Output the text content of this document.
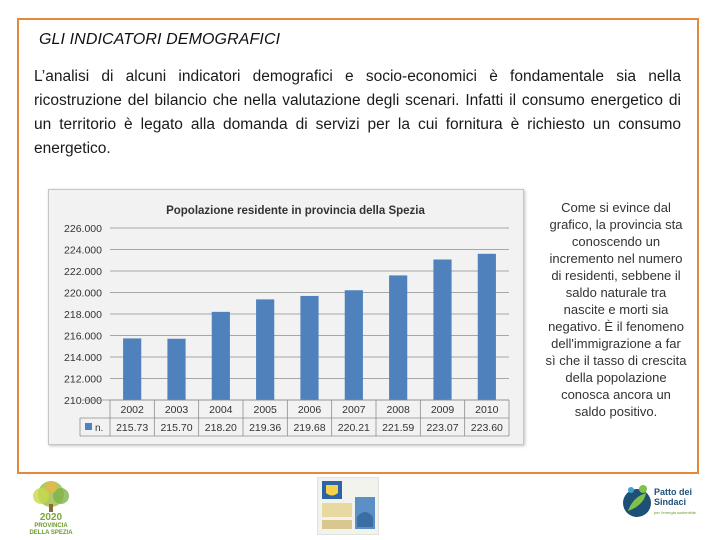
GLI INDICATORI DEMOGRAFICI
L’analisi di alcuni indicatori demografici e socio-economici è fondamentale sia nella ricostruzione del bilancio che nella valutazione degli scenari. Infatti il consumo energetico di un territorio è legato alla domanda di servizi per la cui fornitura è richiesto un consumo energetico.
Popolazione residente in provincia della Spezia
210.000
212.000
214.000
216.000
218.000
220.000
222.000
224.000
226.000
2002
215.73
2003
215.70
2004
218.20
2005
219.36
2006
219.68
2007
220.21
2008
221.59
2009
223.07
2010
223.60
n.
Come si evince dal grafico, la provincia sta conoscendo un incremento nel numero di residenti, sebbene il saldo naturale tra nascite e morti sia negativo. È il fenomeno dell'immigrazione a far sì che il tasso di crescita della popolazione conosca ancora un saldo positivo.
2020
PROVINCIA
DELLA SPEZIA
Patto dei
Sindaci
per l'energia sostenibile
